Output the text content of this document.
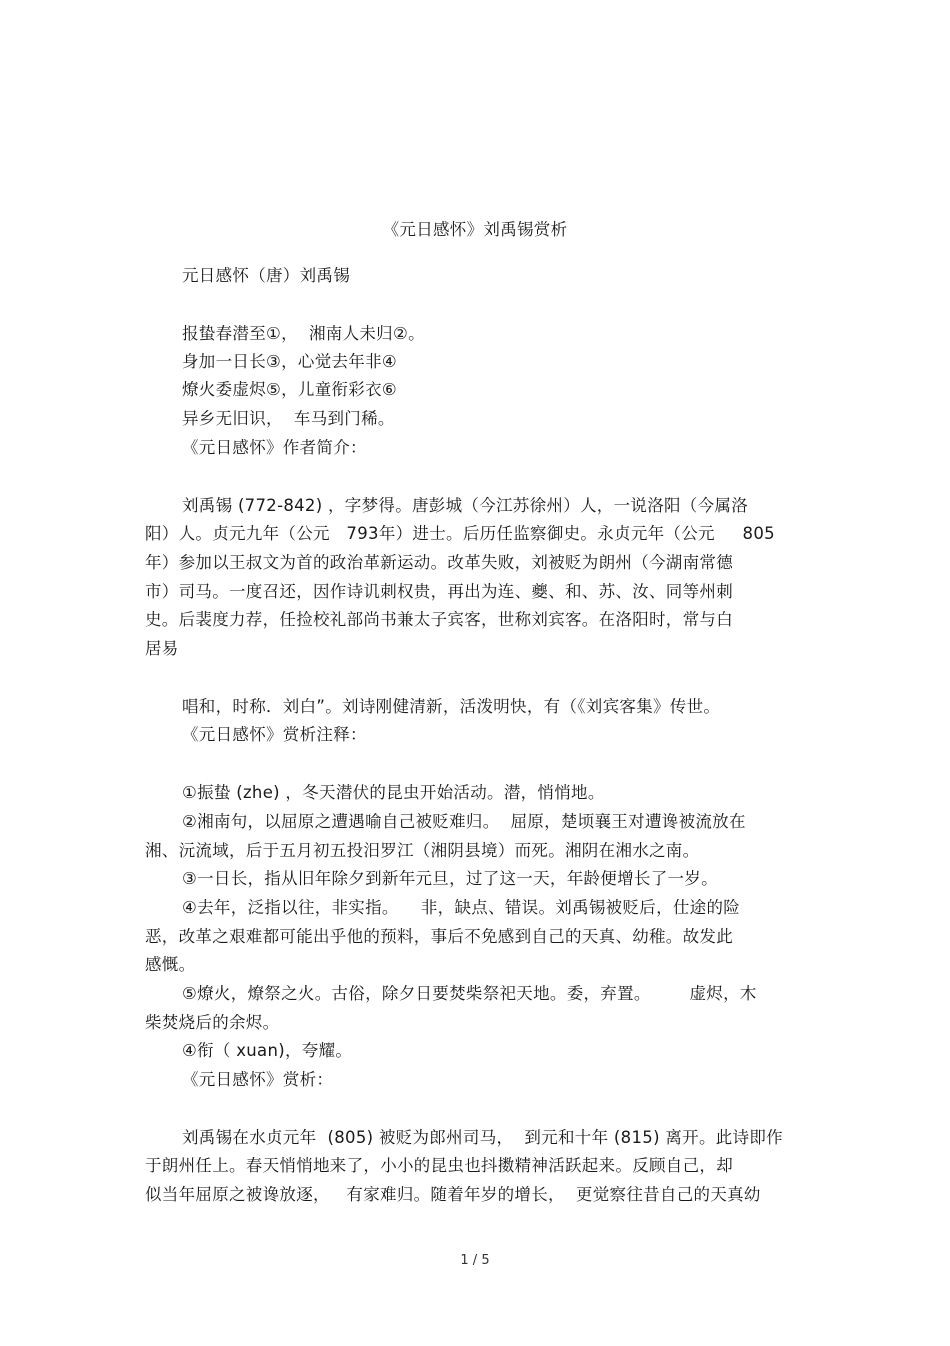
《元日感怀》刘禹锡赏析
元日感怀（唐）刘禹锡
报蛰春潜至①，  湘南人未归②。
身加一日长③，心觉去年非④
燎火委虚烬⑤，儿童衔彩衣⑥
异乡无旧识，  车马到门稀。
《元日感怀》作者简介：
刘禹锡 (772-842) ，字梦得。唐彭城（今江苏徐州）人，一说洛阳（今属洛
阳）人。贞元九年（公元   793年）进士。后历任监察御史。永贞元年（公元     805
年）参加以王叔文为首的政治革新运动。改革失败，刘被贬为朗州（今湖南常德
市）司马。一度召还，因作诗讥刺权贵，再出为连、夔、和、苏、汝、同等州刺
史。后裴度力荐，任捡校礼部尚书兼太子宾客，世称刘宾客。在洛阳时，常与白
居易
唱和，时称．刘白”。刘诗刚健清新，活泼明快，有（《刘宾客集》传世。
《元日感怀》赏析注释：
①振蛰 (zhe) ，冬天潜伏的昆虫开始活动。潜，悄悄地。
②湘南句，以屈原之遭遇喻自己被贬难归。  屈原，楚顷襄王对遭谗被流放在
湘、沅流域，后于五月初五投汨罗江（湘阴县境）而死。湘阴在湘水之南。
③一日长，指从旧年除夕到新年元旦，过了这一天，年龄便增长了一岁。
④去年，泛指以往，非实指。    非，缺点、错误。刘禹锡被贬后，仕途的险
恶，改革之艰难都可能出乎他的预料，事后不免感到自己的天真、幼稚。故发此
感慨。
⑤燎火，燎祭之火。古俗，除夕日要焚柴祭祀天地。委，弃置。       虚烬，木
柴焚烧后的余烬。
④衔（ xuan)，夸耀。
《元日感怀》赏析：
刘禹锡在水贞元年  (805) 被贬为郎州司马，  到元和十年 (815) 离开。此诗即作
于朗州任上。春天悄悄地来了，小小的昆虫也抖擞精神活跃起来。反顾自己，却
似当年屈原之被谗放逐，   有家难归。随着年岁的增长，  更觉察往昔自己的天真幼
1 / 5
